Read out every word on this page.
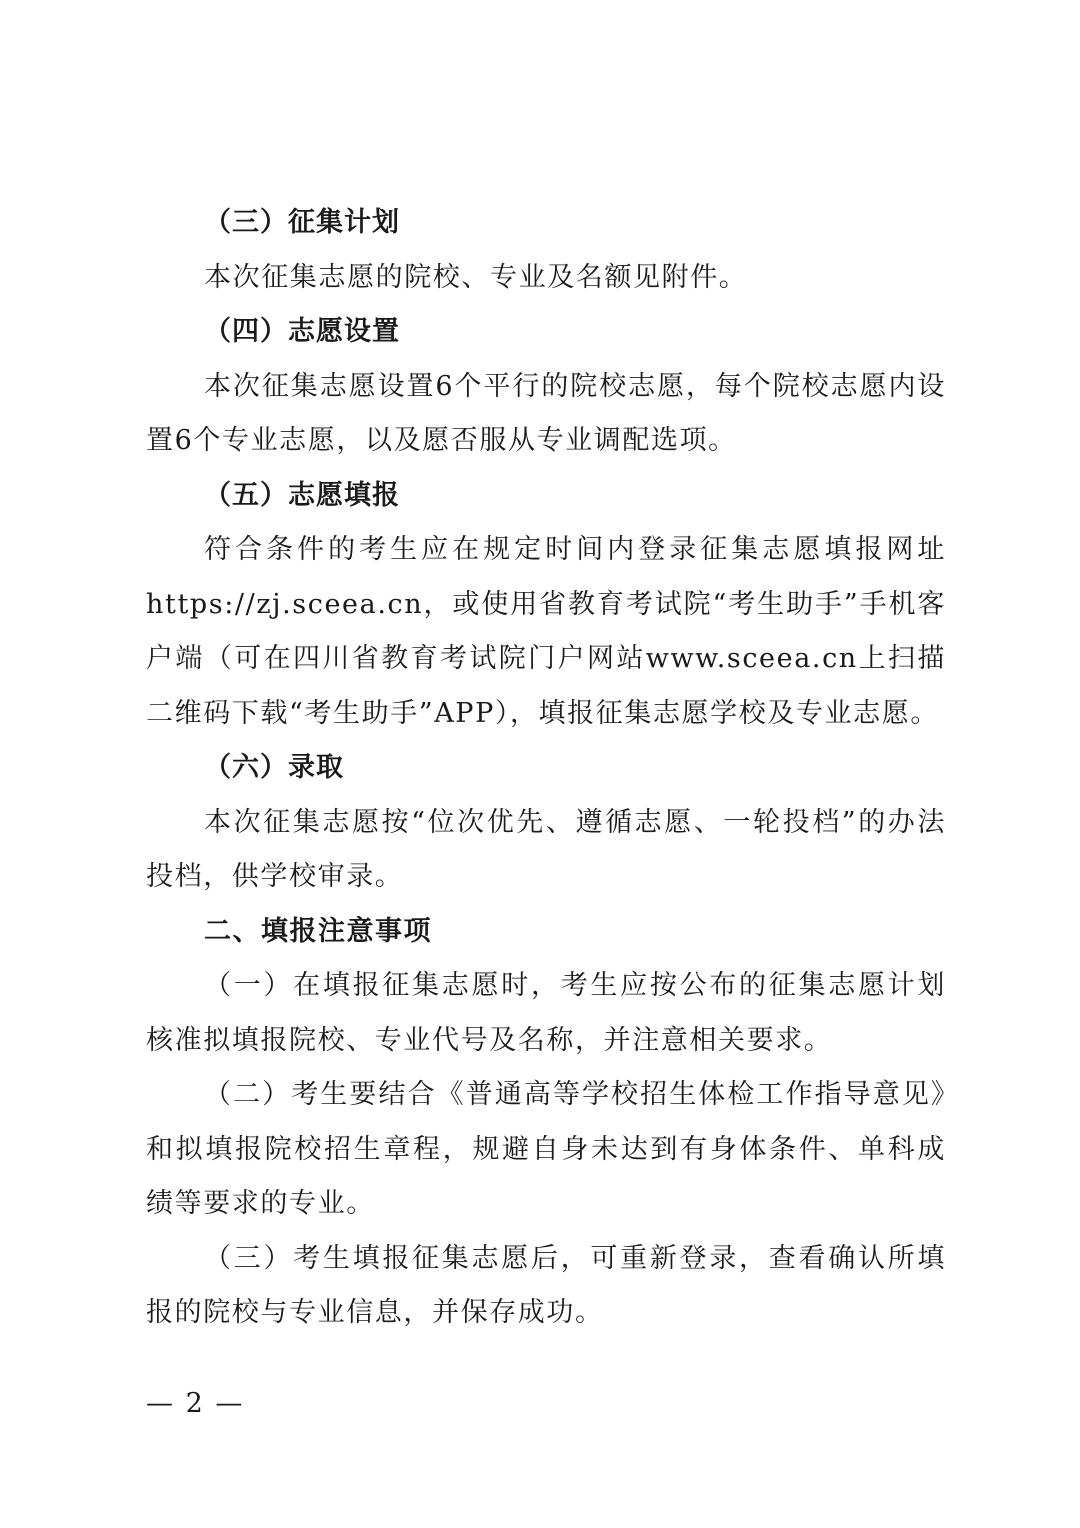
（三）征集计划

本次征集志愿的院校、专业及名额见附件。

（四）志愿设置

本次征集志愿设置6个平行的院校志愿，每个院校志愿内设置6个专业志愿，以及愿否服从专业调配选项。

（五）志愿填报

符合条件的考生应在规定时间内登录征集志愿填报网址https://zj.sceea.cn，或使用省教育考试院“考生助手”手机客户端（可在四川省教育考试院门户网站www.sceea.cn上扫描二维码下载“考生助手”APP），填报征集志愿学校及专业志愿。

（六）录取

本次征集志愿按“位次优先、遵循志愿、一轮投档”的办法投档，供学校审录。

二、填报注意事项

（一）在填报征集志愿时，考生应按公布的征集志愿计划核准拟填报院校、专业代号及名称，并注意相关要求。

（二）考生要结合《普通高等学校招生体检工作指导意见》和拟填报院校招生章程，规避自身未达到有身体条件、单科成绩等要求的专业。

（三）考生填报征集志愿后，可重新登录，查看确认所填报的院校与专业信息，并保存成功。

— 2 —
